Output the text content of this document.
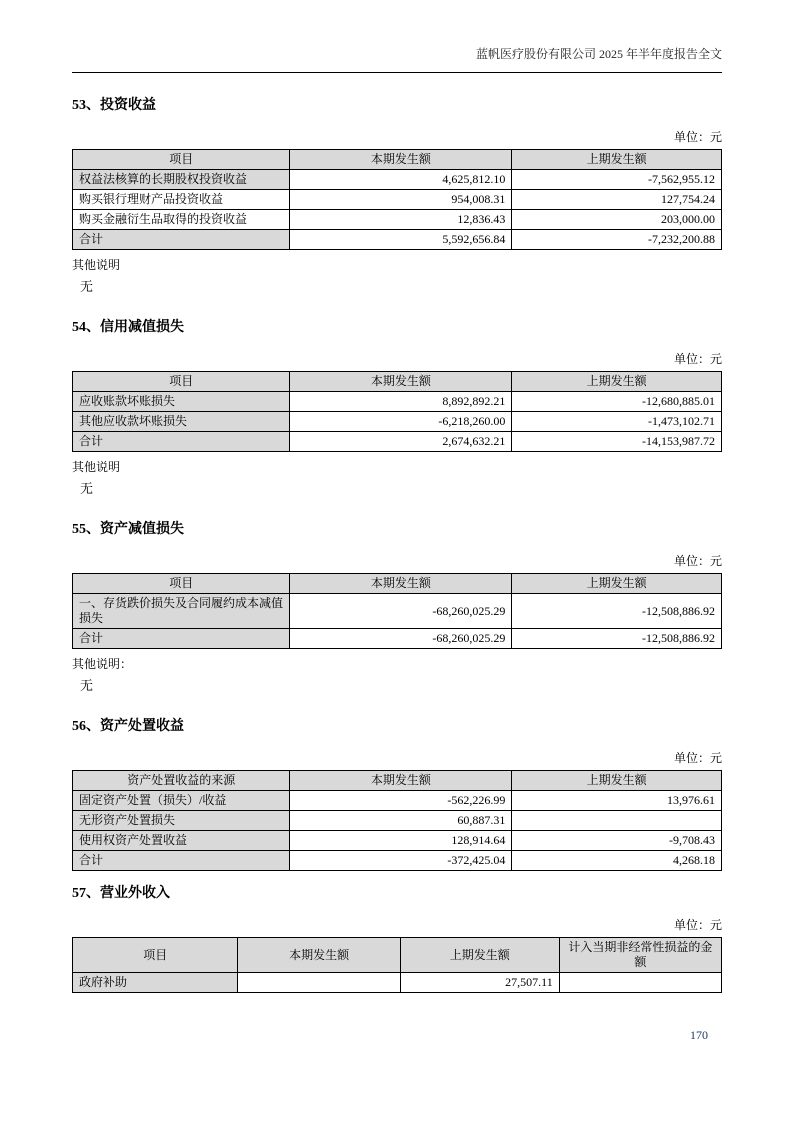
蓝帆医疗股份有限公司 2025 年半年度报告全文
53、投资收益
单位：元
项目	本期发生额	上期发生额
权益法核算的长期股权投资收益	4,625,812.10	-7,562,955.12
购买银行理财产品投资收益	954,008.31	127,754.24
购买金融衍生品取得的投资收益	12,836.43	203,000.00
合计	5,592,656.84	-7,232,200.88
其他说明
无
54、信用减值损失
单位：元
项目	本期发生额	上期发生额
应收账款坏账损失	8,892,892.21	-12,680,885.01
其他应收款坏账损失	-6,218,260.00	-1,473,102.71
合计	2,674,632.21	-14,153,987.72
其他说明
无
55、资产减值损失
单位：元
项目	本期发生额	上期发生额
一、存货跌价损失及合同履约成本减值损失	-68,260,025.29	-12,508,886.92
合计	-68,260,025.29	-12,508,886.92
其他说明：
无
56、资产处置收益
单位：元
资产处置收益的来源	本期发生额	上期发生额
固定资产处置（损失）/收益	-562,226.99	13,976.61
无形资产处置损失	60,887.31	
使用权资产处置收益	128,914.64	-9,708.43
合计	-372,425.04	4,268.18
57、营业外收入
单位：元
项目	本期发生额	上期发生额	计入当期非经常性损益的金额
政府补助		27,507.11	
170
